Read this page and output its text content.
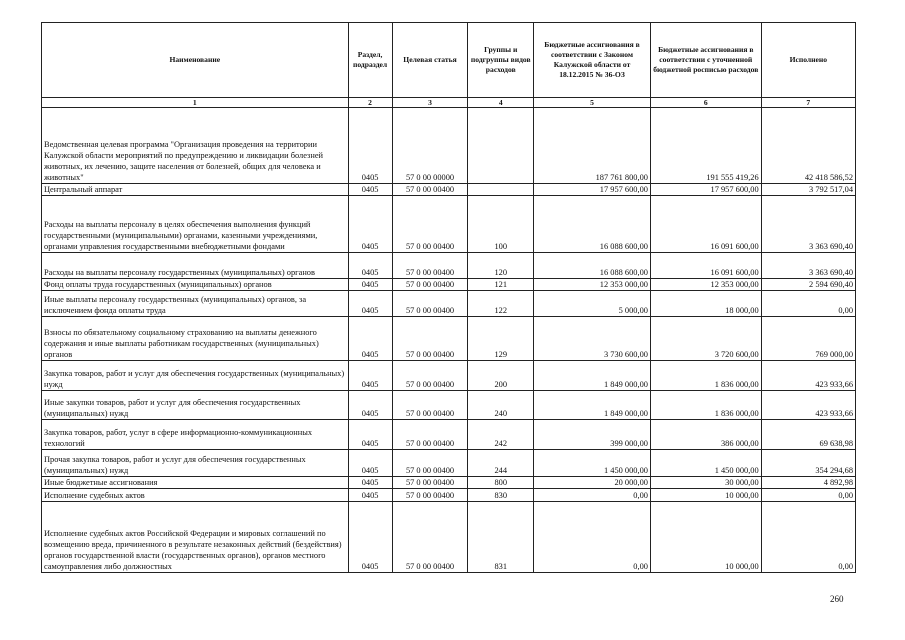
Наименование	Раздел, подраздел	Целевая статья	Группы и подгруппы видов расходов	Бюджетные ассигнования в соответствии с Законом Калужской области от 18.12.2015 № 36-ОЗ	Бюджетные ассигнования в соответствии с уточненной бюджетной росписью расходов	Исполнено
1	2	3	4	5	6	7
Ведомственная целевая программа "Организация проведения на территории Калужской области мероприятий по предупреждению и ликвидации болезней животных, их лечению, защите населения от болезней, общих для человека и животных"	0405	57 0 00 00000		187 761 800,00	191 555 419,26	42 418 586,52
Центральный аппарат	0405	57 0 00 00400		17 957 600,00	17 957 600,00	3 792 517,04
Расходы на выплаты персоналу в целях обеспечения выполнения функций государственными (муниципальными) органами, казенными учреждениями, органами управления государственными внебюджетными фондами	0405	57 0 00 00400	100	16 088 600,00	16 091 600,00	3 363 690,40
Расходы на выплаты персоналу государственных (муниципальных) органов	0405	57 0 00 00400	120	16 088 600,00	16 091 600,00	3 363 690,40
Фонд оплаты труда государственных (муниципальных) органов	0405	57 0 00 00400	121	12 353 000,00	12 353 000,00	2 594 690,40
Иные выплаты персоналу государственных (муниципальных) органов, за исключением фонда оплаты труда	0405	57 0 00 00400	122	5 000,00	18 000,00	0,00
Взносы по обязательному социальному страхованию на выплаты денежного содержания и иные выплаты работникам государственных (муниципальных) органов	0405	57 0 00 00400	129	3 730 600,00	3 720 600,00	769 000,00
Закупка товаров, работ и услуг для обеспечения государственных (муниципальных) нужд	0405	57 0 00 00400	200	1 849 000,00	1 836 000,00	423 933,66
Иные закупки товаров, работ и услуг для обеспечения государственных (муниципальных) нужд	0405	57 0 00 00400	240	1 849 000,00	1 836 000,00	423 933,66
Закупка товаров, работ, услуг в сфере информационно-коммуникационных технологий	0405	57 0 00 00400	242	399 000,00	386 000,00	69 638,98
Прочая закупка товаров, работ и услуг для обеспечения государственных (муниципальных) нужд	0405	57 0 00 00400	244	1 450 000,00	1 450 000,00	354 294,68
Иные бюджетные ассигнования	0405	57 0 00 00400	800	20 000,00	30 000,00	4 892,98
Исполнение судебных актов	0405	57 0 00 00400	830	0,00	10 000,00	0,00
Исполнение судебных актов Российской Федерации и мировых соглашений по возмещению вреда, причиненного в результате незаконных действий (бездействия) органов государственной власти (государственных органов), органов местного самоуправления либо должностных	0405	57 0 00 00400	831	0,00	10 000,00	0,00
260
